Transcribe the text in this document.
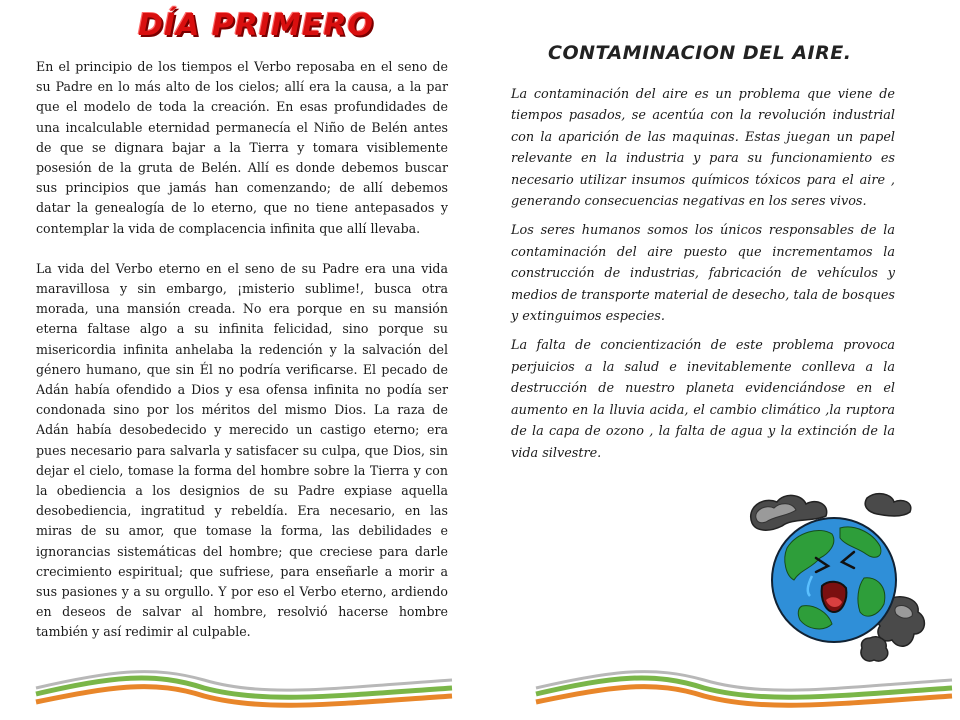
DÍA PRIMERO

En el principio de los tiempos el Verbo reposaba en el seno de su Padre en lo más alto de los cielos; allí era la causa, a la par que el modelo de toda la creación. En esas profundidades de una incalculable eternidad permanecía el Niño de Belén antes de que se dignara bajar a la Tierra y tomara visiblemente posesión de la gruta de Belén. Allí es donde debemos buscar sus principios que jamás han comenzando; de allí debemos datar la genealogía de lo eterno, que no tiene antepasados y contemplar la vida de complacencia infinita que allí llevaba.

La vida del Verbo eterno en el seno de su Padre era una vida maravillosa y sin embargo, ¡misterio sublime!, busca otra morada, una mansión creada. No era porque en su mansión eterna faltase algo a su infinita felicidad, sino porque su misericordia infinita anhelaba la redención y la salvación del género humano, que sin Él no podría verificarse. El pecado de Adán había ofendido a Dios y esa ofensa infinita no podía ser condonada sino por los méritos del mismo Dios. La raza de Adán había desobedecido y merecido un castigo eterno; era pues necesario para salvarla y satisfacer su culpa, que Dios, sin dejar el cielo, tomase la forma del hombre sobre la Tierra y con la obediencia a los designios de su Padre expiase aquella desobediencia, ingratitud y rebeldía. Era necesario, en las miras de su amor, que tomase la forma, las debilidades e ignorancias sistemáticas del hombre; que creciese para darle crecimiento espiritual; que sufriese, para enseñarle a morir a sus pasiones y a su orgullo. Y por eso el Verbo eterno, ardiendo en deseos de salvar al hombre, resolvió hacerse hombre también y así redimir al culpable.

CONTAMINACION DEL AIRE.

La contaminación del aire es un problema que viene de tiempos pasados, se acentúa con la revolución industrial con la aparición de las maquinas. Estas juegan un papel relevante en la industria y para su funcionamiento es necesario utilizar insumos químicos tóxicos para el aire , generando consecuencias negativas en los seres vivos.

Los seres humanos somos los únicos responsables de la contaminación del aire puesto que incrementamos la construcción de industrias, fabricación de vehículos y medios de transporte material de desecho, tala de bosques y extinguimos especies.

La falta de concientización de este problema provoca perjuicios a la salud e inevitablemente conlleva a la destrucción de nuestro planeta evidenciándose en el aumento en la lluvia acida, el cambio climático ,la ruptora de la capa de ozono , la falta de agua y la extinción de la vida silvestre.
